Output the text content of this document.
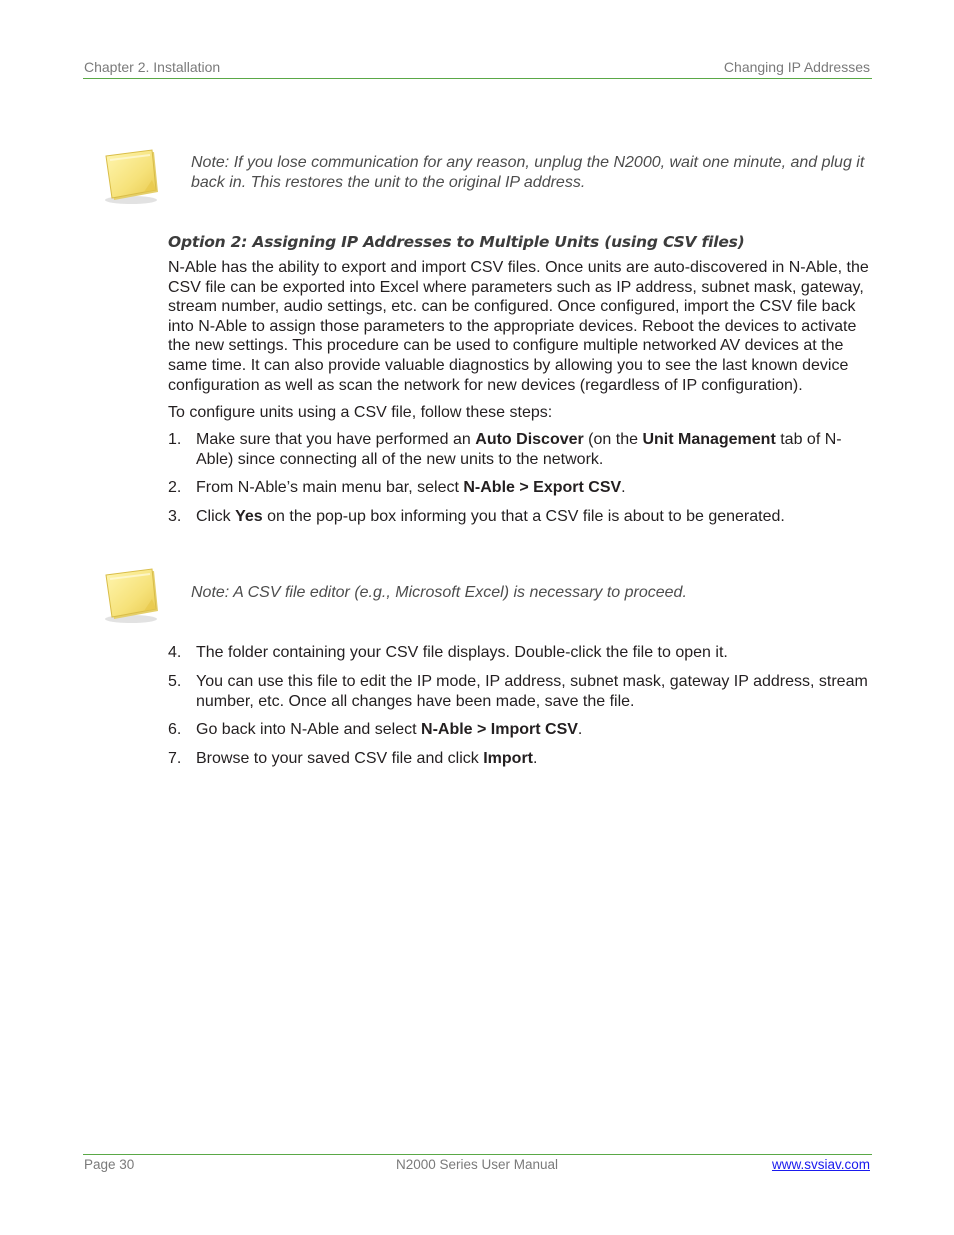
Chapter 2. Installation	Changing IP Addresses
Note: If you lose communication for any reason, unplug the N2000, wait one minute, and plug it back in. This restores the unit to the original IP address.
Option 2: Assigning IP Addresses to Multiple Units (using CSV files)
N-Able has the ability to export and import CSV files. Once units are auto-discovered in N-Able, the CSV file can be exported into Excel where parameters such as IP address, subnet mask, gateway, stream number, audio settings, etc. can be configured. Once configured, import the CSV file back into N-Able to assign those parameters to the appropriate devices. Reboot the devices to activate the new settings. This procedure can be used to configure multiple networked AV devices at the same time. It can also provide valuable diagnostics by allowing you to see the last known device configuration as well as scan the network for new devices (regardless of IP configuration).
To configure units using a CSV file, follow these steps:
1. Make sure that you have performed an Auto Discover (on the Unit Management tab of N-Able) since connecting all of the new units to the network.
2. From N-Able’s main menu bar, select N-Able > Export CSV.
3. Click Yes on the pop-up box informing you that a CSV file is about to be generated.
Note: A CSV file editor (e.g., Microsoft Excel) is necessary to proceed.
4. The folder containing your CSV file displays. Double-click the file to open it.
5. You can use this file to edit the IP mode, IP address, subnet mask, gateway IP address, stream number, etc. Once all changes have been made, save the file.
6. Go back into N-Able and select N-Able > Import CSV.
7. Browse to your saved CSV file and click Import.
Page 30	N2000 Series User Manual	www.svsiav.com
